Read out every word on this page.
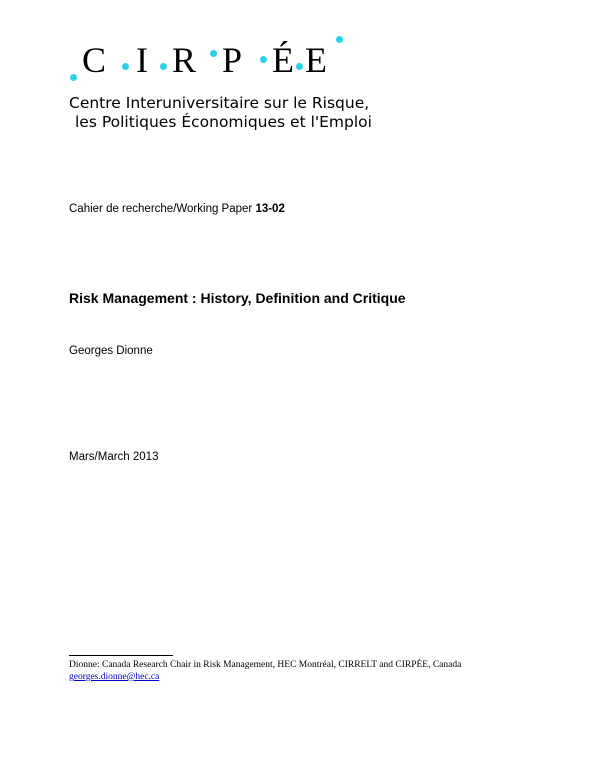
C I R P É E
Centre Interuniversitaire sur le Risque,
les Politiques Économiques et l'Emploi
Cahier de recherche/Working Paper 13-02
Risk Management : History, Definition and Critique
Georges Dionne
Mars/March 2013
Dionne: Canada Research Chair in Risk Management, HEC Montréal, CIRRELT and CIRPÉE, Canada
georges.dionne@hec.ca
